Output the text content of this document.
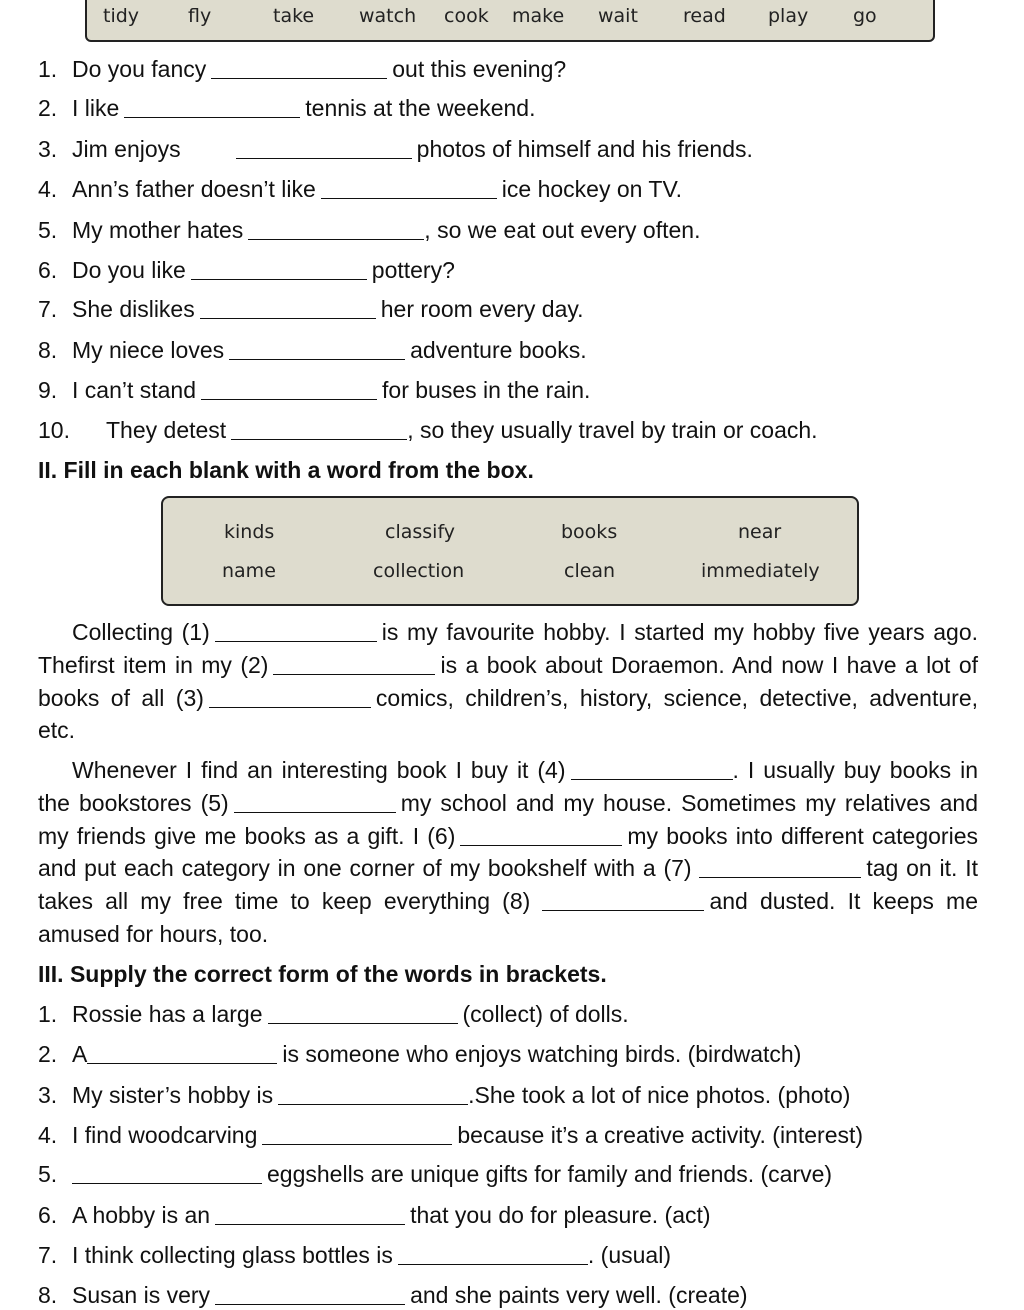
tidy	fly	take watch cook make wait read play go
1. Do you fancy	out this evening?
2. I like	tennis at the weekend.
3. Jim enjoys	photos of himself and his friends.
4. Ann’s father doesn’t like	ice hockey on TV.
5. My mother hates	, so we eat out every often.
6. Do you like	pottery?
7. She dislikes	her room every day.
8. My niece loves	adventure books.
9. I can’t stand	for buses in the rain.
10. They detest	, so they usually travel by train or coach.
II. Fill in each blank with a word from the box.
kinds	classify	books	near
name	collection	clean	immediately
Collecting (1)	is my favourite hobby. I started my hobby five years ago. Thefirst item in my (2)	is a book about Doraemon. And now I have a lot of books of all (3)	comics, children’s, history, science, detective, adventure, etc.
Whenever I find an interesting book I buy it (4)	. I usually buy books in the bookstores (5)	my school and my house. Sometimes my relatives and my friends give me books as a gift. I (6)	my books into different categories and put each category in one corner of my bookshelf with a (7)	tag on it. It takes all my free time to keep everything (8)	and dusted. It keeps me amused for hours, too.
III. Supply the correct form of the words in brackets.
1. Rossie has a large	(collect) of dolls.
2. A	is someone who enjoys watching birds. (birdwatch)
3. My sister’s hobby is	.She took a lot of nice photos. (photo)
4. I find woodcarving	because it’s a creative activity. (interest)
5.	eggshells are unique gifts for family and friends. (carve)
6. A hobby is an	that you do for pleasure. (act)
7. I think collecting glass bottles is	. (usual)
8. Susan is very	and she paints very well. (create)
